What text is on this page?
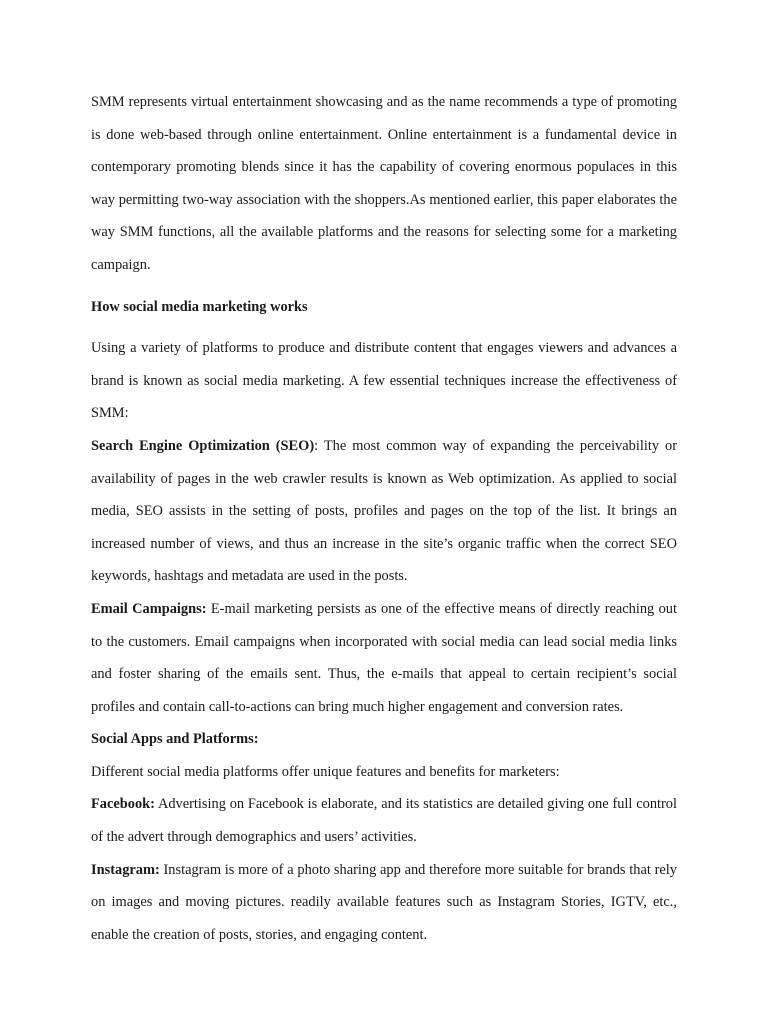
SMM represents virtual entertainment showcasing and as the name recommends a type of promoting is done web-based through online entertainment. Online entertainment is a fundamental device in contemporary promoting blends since it has the capability of covering enormous populaces in this way permitting two-way association with the shoppers.As mentioned earlier, this paper elaborates the way SMM functions, all the available platforms and the reasons for selecting some for a marketing campaign.

How social media marketing works

Using a variety of platforms to produce and distribute content that engages viewers and advances a brand is known as social media marketing. A few essential techniques increase the effectiveness of SMM:

Search Engine Optimization (SEO): The most common way of expanding the perceivability or availability of pages in the web crawler results is known as Web optimization. As applied to social media, SEO assists in the setting of posts, profiles and pages on the top of the list. It brings an increased number of views, and thus an increase in the site’s organic traffic when the correct SEO keywords, hashtags and metadata are used in the posts.

Email Campaigns: E-mail marketing persists as one of the effective means of directly reaching out to the customers. Email campaigns when incorporated with social media can lead social media links and foster sharing of the emails sent. Thus, the e-mails that appeal to certain recipient’s social profiles and contain call-to-actions can bring much higher engagement and conversion rates.

Social Apps and Platforms:

Different social media platforms offer unique features and benefits for marketers:

Facebook: Advertising on Facebook is elaborate, and its statistics are detailed giving one full control of the advert through demographics and users’ activities.

Instagram: Instagram is more of a photo sharing app and therefore more suitable for brands that rely on images and moving pictures. readily available features such as Instagram Stories, IGTV, etc., enable the creation of posts, stories, and engaging content.
